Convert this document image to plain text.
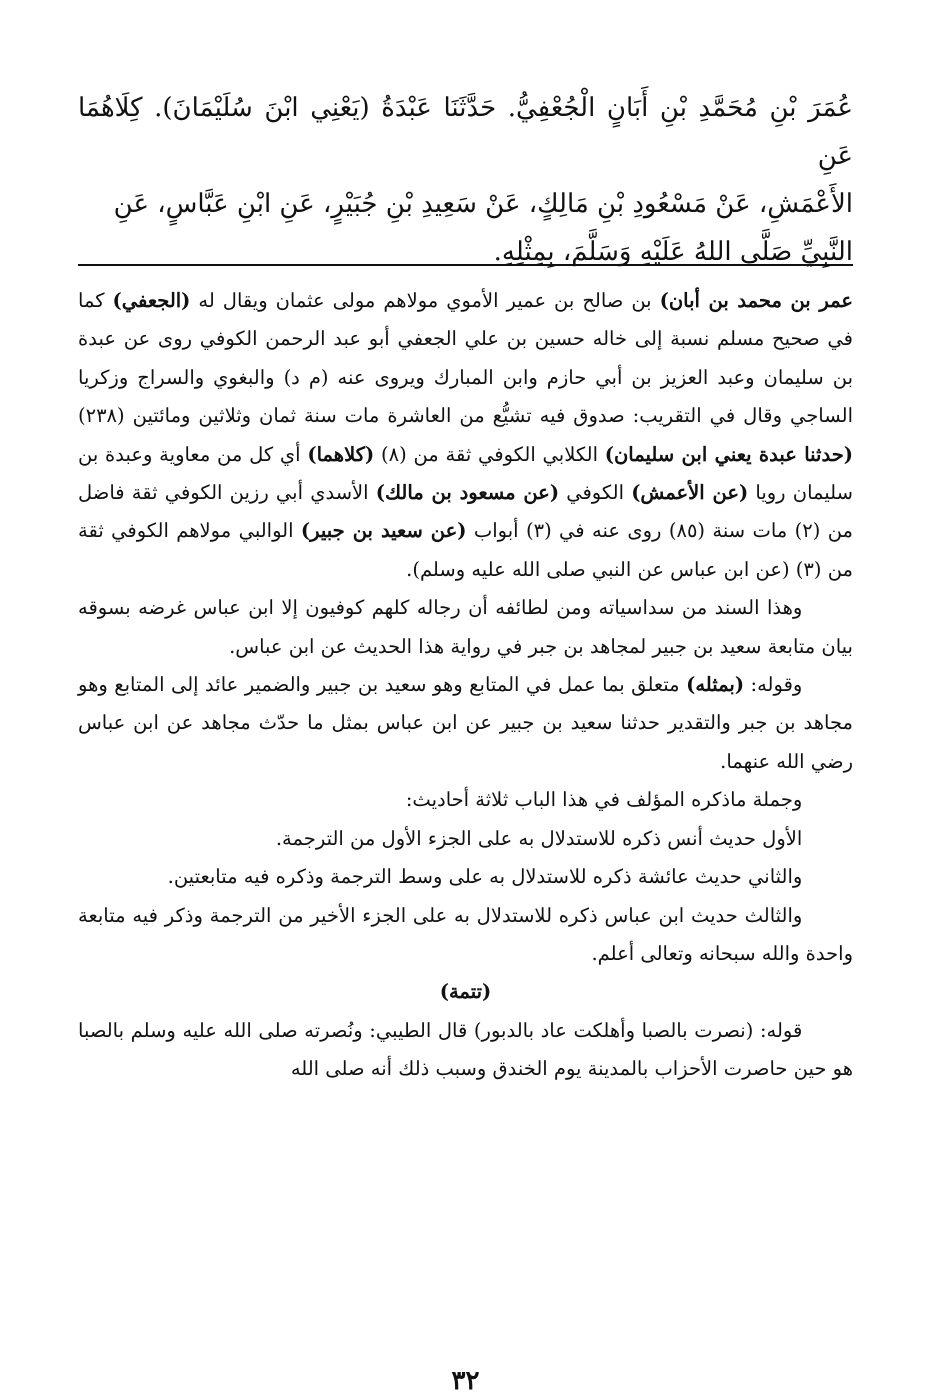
عُمَرَ بْنِ مُحَمَّدِ بْنِ أَبَانٍ الْجُعْفِيُّ. حَدَّثَنَا عَبْدَةُ (يَعْنِي ابْنَ سُلَيْمَانَ). كِلَاهُمَا عَنِ

الأَعْمَشِ، عَنْ مَسْعُودِ بْنِ مَالِكٍ، عَنْ سَعِيدِ بْنِ جُبَيْرٍ، عَنِ ابْنِ عَبَّاسٍ، عَنِ

النَّبِيِّ صَلَّى اللهُ عَلَيْهِ وَسَلَّمَ، بِمِثْلِهِ.

عمر بن محمد بن أبان) بن صالح بن عمير الأموي مولاهم مولى عثمان ويقال له (الجعفي) كما في صحيح مسلم نسبة إلى خاله حسين بن علي الجعفي أبو عبد الرحمن الكوفي روى عن عبدة بن سليمان وعبد العزيز بن أبي حازم وابن المبارك ويروى عنه (م د) والبغوي والسراج وزكريا الساجي وقال في التقريب: صدوق فيه تشيُّع من العاشرة مات سنة ثمان وثلاثين ومائتين (٢٣٨) (حدثنا عبدة يعني ابن سليمان) الكلابي الكوفي ثقة من (٨) (كلاهما) أي كل من معاوية وعبدة بن سليمان رويا (عن الأعمش) الكوفي (عن مسعود بن مالك) الأسدي أبي رزين الكوفي ثقة فاضل من (٢) مات سنة (٨٥) روى عنه في (٣) أبواب (عن سعيد بن جبير) الوالبي مولاهم الكوفي ثقة من (٣) (عن ابن عباس عن النبي صلى الله عليه وسلم).

وهذا السند من سداسياته ومن لطائفه أن رجاله كلهم كوفيون إلا ابن عباس غرضه بسوقه بيان متابعة سعيد بن جبير لمجاهد بن جبر في رواية هذا الحديث عن ابن عباس.

وقوله: (بمثله) متعلق بما عمل في المتابع وهو سعيد بن جبير والضمير عائد إلى المتابع وهو مجاهد بن جبر والتقدير حدثنا سعيد بن جبير عن ابن عباس بمثل ما حدّث مجاهد عن ابن عباس رضي الله عنهما.

وجملة ماذكره المؤلف في هذا الباب ثلاثة أحاديث:

الأول حديث أنس ذكره للاستدلال به على الجزء الأول من الترجمة.

والثاني حديث عائشة ذكره للاستدلال به على وسط الترجمة وذكره فيه متابعتين.

والثالث حديث ابن عباس ذكره للاستدلال به على الجزء الأخير من الترجمة وذكر فيه متابعة واحدة والله سبحانه وتعالى أعلم.

(تتمة)

قوله: (نصرت بالصبا وأهلكت عاد بالدبور) قال الطيبي: ونُصرته صلى الله عليه وسلم بالصبا هو حين حاصرت الأحزاب بالمدينة يوم الخندق وسبب ذلك أنه صلى الله

٣٢
